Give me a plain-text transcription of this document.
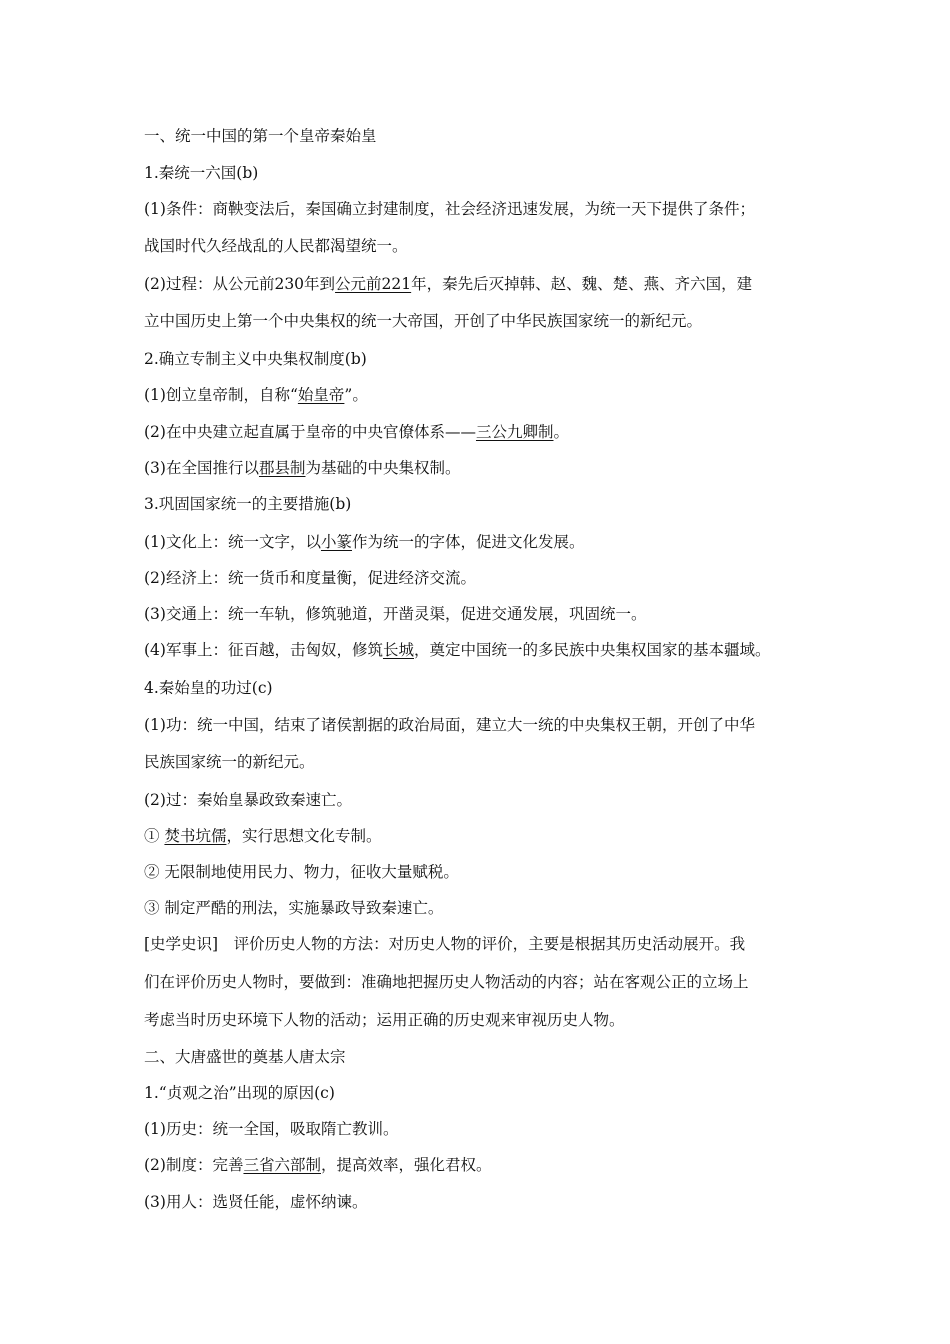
一、统一中国的第一个皇帝秦始皇
1.秦统一六国(b)
(1)条件：商鞅变法后，秦国确立封建制度，社会经济迅速发展，为统一天下提供了条件；
战国时代久经战乱的人民都渴望统一。
(2)过程：从公元前230年到公元前221年，秦先后灭掉韩、赵、魏、楚、燕、齐六国，建
立中国历史上第一个中央集权的统一大帝国，开创了中华民族国家统一的新纪元。
2.确立专制主义中央集权制度(b)
(1)创立皇帝制，自称“始皇帝”。
(2)在中央建立起直属于皇帝的中央官僚体系——三公九卿制。
(3)在全国推行以郡县制为基础的中央集权制。
3.巩固国家统一的主要措施(b)
(1)文化上：统一文字，以小篆作为统一的字体，促进文化发展。
(2)经济上：统一货币和度量衡，促进经济交流。
(3)交通上：统一车轨，修筑驰道，开凿灵渠，促进交通发展，巩固统一。
(4)军事上：征百越，击匈奴，修筑长城，奠定中国统一的多民族中央集权国家的基本疆域。
4.秦始皇的功过(c)
(1)功：统一中国，结束了诸侯割据的政治局面，建立大一统的中央集权王朝，开创了中华
民族国家统一的新纪元。
(2)过：秦始皇暴政致秦速亡。
① 焚书坑儒，实行思想文化专制。
② 无限制地使用民力、物力，征收大量赋税。
③ 制定严酷的刑法，实施暴政导致秦速亡。
[史学史识]　评价历史人物的方法：对历史人物的评价，主要是根据其历史活动展开。我
们在评价历史人物时，要做到：准确地把握历史人物活动的内容；站在客观公正的立场上
考虑当时历史环境下人物的活动；运用正确的历史观来审视历史人物。
二、大唐盛世的奠基人唐太宗
1.“贞观之治”出现的原因(c)
(1)历史：统一全国，吸取隋亡教训。
(2)制度：完善三省六部制，提高效率，强化君权。
(3)用人：选贤任能，虚怀纳谏。
